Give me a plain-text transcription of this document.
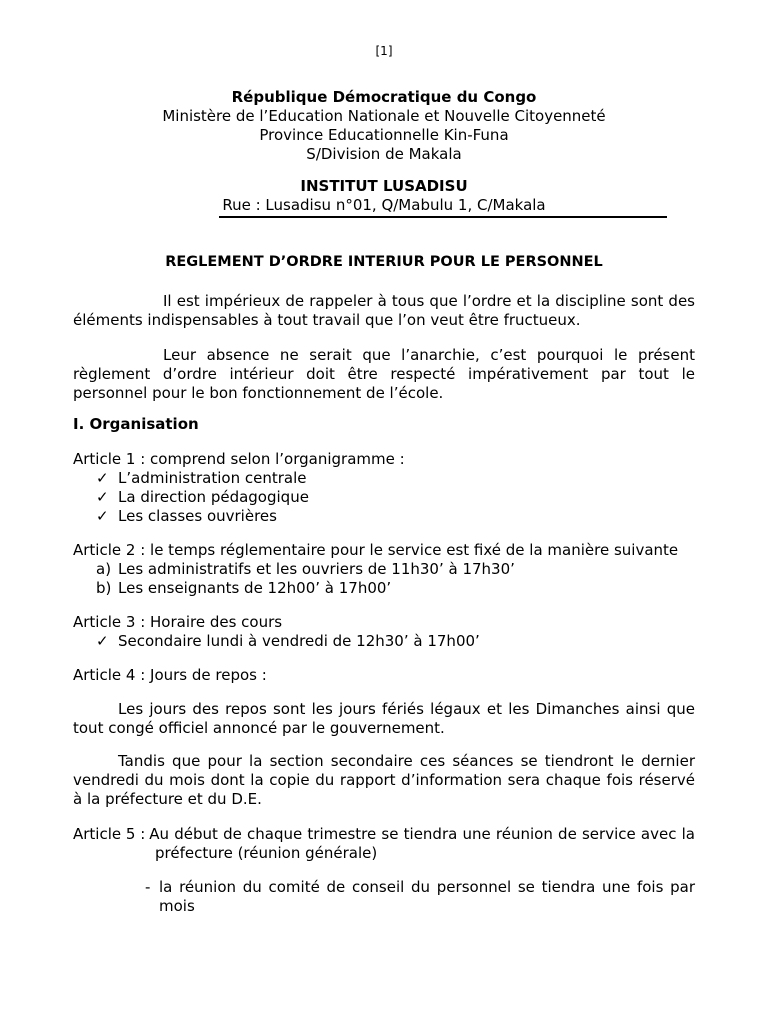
[1]
République Démocratique du Congo
Ministère de l’Education Nationale et Nouvelle Citoyenneté
Province Educationnelle Kin-Funa
S/Division de Makala
INSTITUT LUSADISU
Rue : Lusadisu n°01, Q/Mabulu 1, C/Makala
REGLEMENT D’ORDRE INTERIUR POUR LE PERSONNEL
Il est impérieux de rappeler à tous que l’ordre et la discipline sont des éléments indispensables à tout travail que l’on veut être fructueux.
Leur absence ne serait que l’anarchie, c’est pourquoi le présent règlement d’ordre intérieur doit être respecté impérativement par tout le personnel pour le bon fonctionnement de l’école.
I. Organisation
Article 1 : comprend selon l’organigramme :
✓ L’administration centrale
✓ La direction pédagogique
✓ Les classes ouvrières
Article 2 : le temps réglementaire pour le service est fixé de la manière suivante
a) Les administratifs et les ouvriers de 11h30’ à 17h30’
b) Les enseignants de 12h00’ à 17h00’
Article 3 : Horaire des cours
✓ Secondaire lundi à vendredi de 12h30’ à 17h00’
Article 4 : Jours de repos :
Les jours des repos sont les jours fériés légaux et les Dimanches ainsi que tout congé officiel annoncé par le gouvernement.
Tandis que pour la section secondaire ces séances se tiendront le dernier vendredi du mois dont la copie du rapport d’information sera chaque fois réservé à la préfecture et du D.E.
Article 5 : Au début de chaque trimestre se tiendra une réunion de service avec la
préfecture (réunion générale)
- la réunion du comité de conseil du personnel se tiendra une fois par
mois
